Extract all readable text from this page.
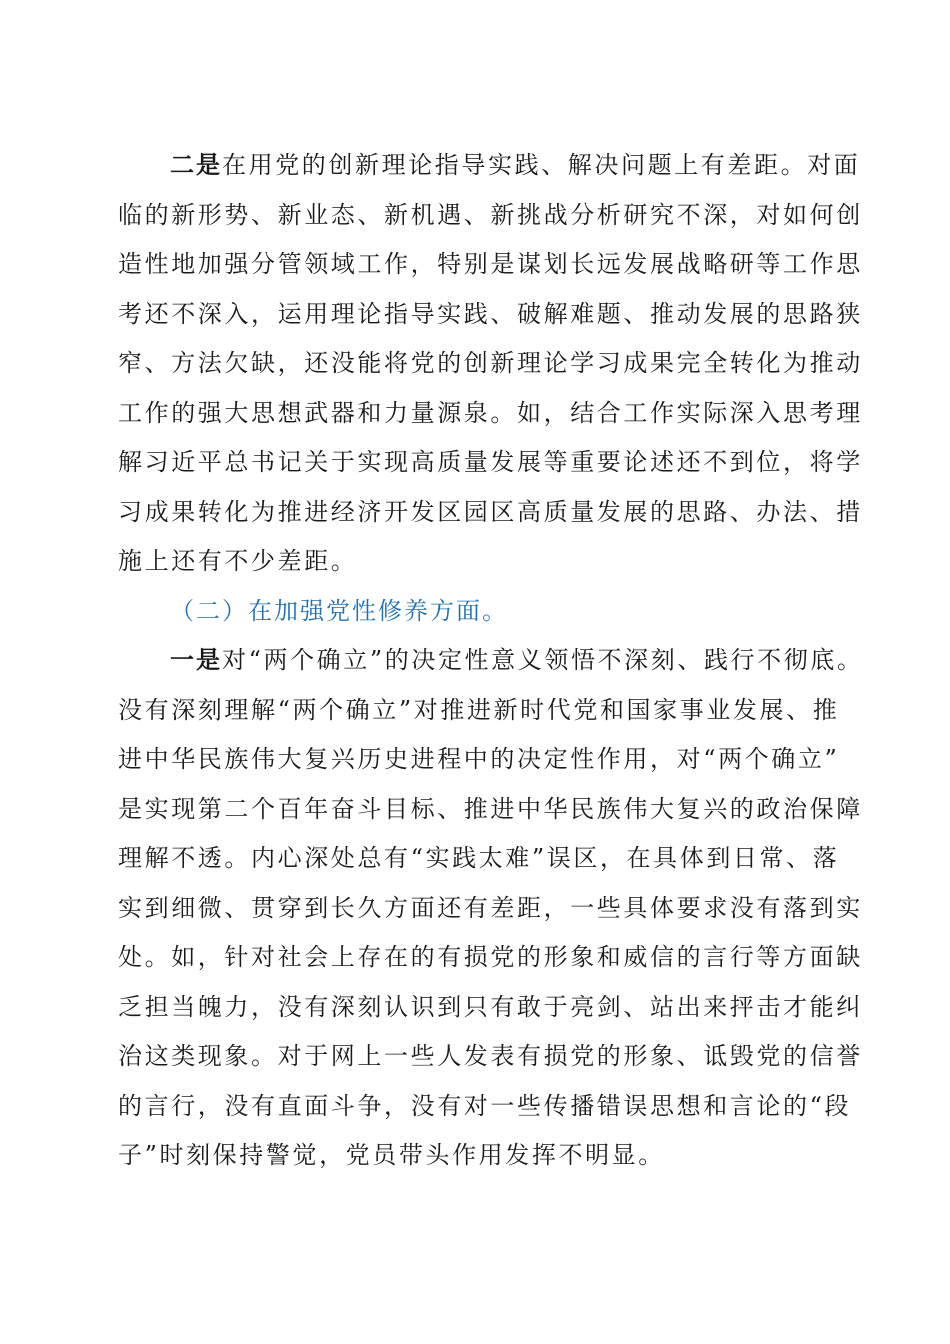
二是在用党的创新理论指导实践、解决问题上有差距。对面
临的新形势、新业态、新机遇、新挑战分析研究不深，对如何创
造性地加强分管领域工作，特别是谋划长远发展战略研等工作思
考还不深入，运用理论指导实践、破解难题、推动发展的思路狭
窄、方法欠缺，还没能将党的创新理论学习成果完全转化为推动
工作的强大思想武器和力量源泉。如，结合工作实际深入思考理
解习近平总书记关于实现高质量发展等重要论述还不到位，将学
习成果转化为推进经济开发区园区高质量发展的思路、办法、措
施上还有不少差距。
（二）在加强党性修养方面。
一是对“两个确立”的决定性意义领悟不深刻、践行不彻底。
没有深刻理解“两个确立”对推进新时代党和国家事业发展、推
进中华民族伟大复兴历史进程中的决定性作用，对“两个确立”
是实现第二个百年奋斗目标、推进中华民族伟大复兴的政治保障
理解不透。内心深处总有“实践太难”误区，在具体到日常、落
实到细微、贯穿到长久方面还有差距，一些具体要求没有落到实
处。如，针对社会上存在的有损党的形象和威信的言行等方面缺
乏担当魄力，没有深刻认识到只有敢于亮剑、站出来抨击才能纠
治这类现象。对于网上一些人发表有损党的形象、诋毁党的信誉
的言行，没有直面斗争，没有对一些传播错误思想和言论的“段
子”时刻保持警觉，党员带头作用发挥不明显。
